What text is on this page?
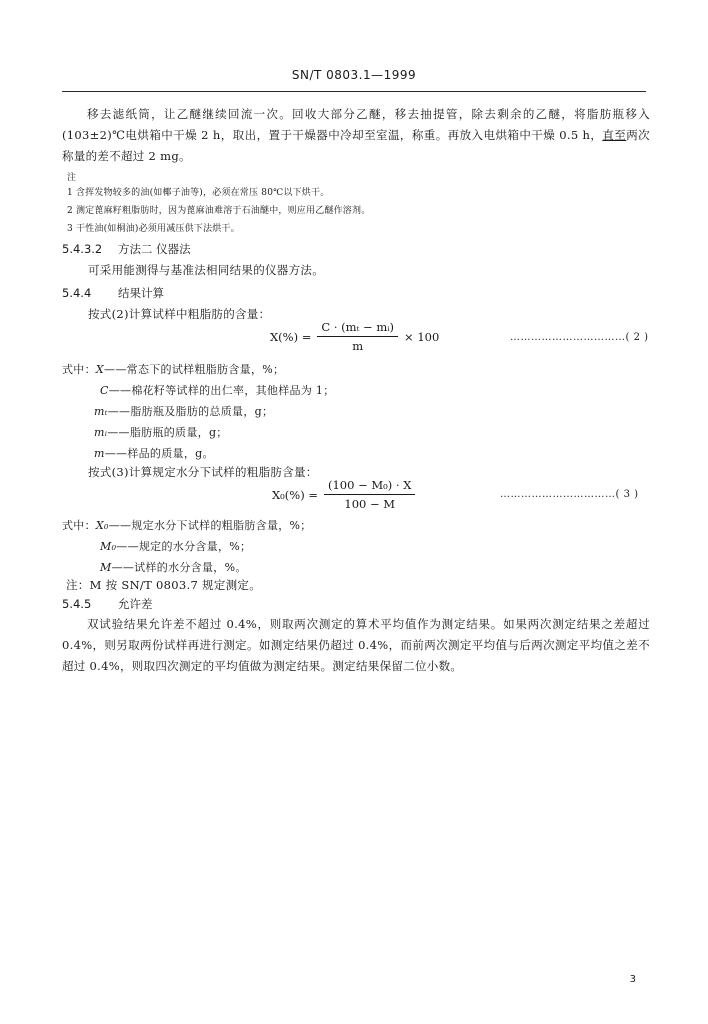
SN/T 0803.1—1999
移去滤纸筒，让乙醚继续回流一次。回收大部分乙醚，移去抽提管，除去剩余的乙醚，将脂肪瓶移入(103±2)℃电烘箱中干燥 2 h，取出，置于干燥器中冷却至室温，称重。再放入电烘箱中干燥 0.5 h，直至两次称量的差不超过 2 mg。
注
1 含挥发物较多的油(如椰子油等)，必须在常压 80℃以下烘干。
2 测定蓖麻籽粗脂肪时，因为蓖麻油难溶于石油醚中，则应用乙醚作溶剂。
3 干性油(如桐油)必须用减压供下法烘干。
5.4.3.2 方法二 仪器法
可采用能测得与基准法相同结果的仪器方法。
5.4.4 结果计算
按式(2)计算试样中粗脂肪的含量：
$X(\%) = \frac{\text{C · (mₜ − mᵢ)}}{m} \times 100$	……………………………( 2 )
式中：X——常态下的试样粗脂肪含量，%；
C——棉花籽等试样的出仁率，其他样品为 1；
mₜ——脂肪瓶及脂肪的总质量，g；
mᵢ——脂肪瓶的质量，g；
m——样品的质量，g。
按式(3)计算规定水分下试样的粗脂肪含量：
$X_0(\%) = \frac{\text{(100 − M₀) · X}}{100 - M}$	……………………………( 3 )
式中：X₀——规定水分下试样的粗脂肪含量，%；
M₀——规定的水分含量，%；
M——试样的水分含量，%。
注：M 按 SN/T 0803.7 规定测定。
5.4.5 允许差
双试验结果允许差不超过 0.4%，则取两次测定的算术平均值作为测定结果。如果两次测定结果之差超过 0.4%，则另取两份试样再进行测定。如测定结果仍超过 0.4%，而前两次测定平均值与后两次测定平均值之差不超过 0.4%，则取四次测定的平均值做为测定结果。测定结果保留二位小数。
3
